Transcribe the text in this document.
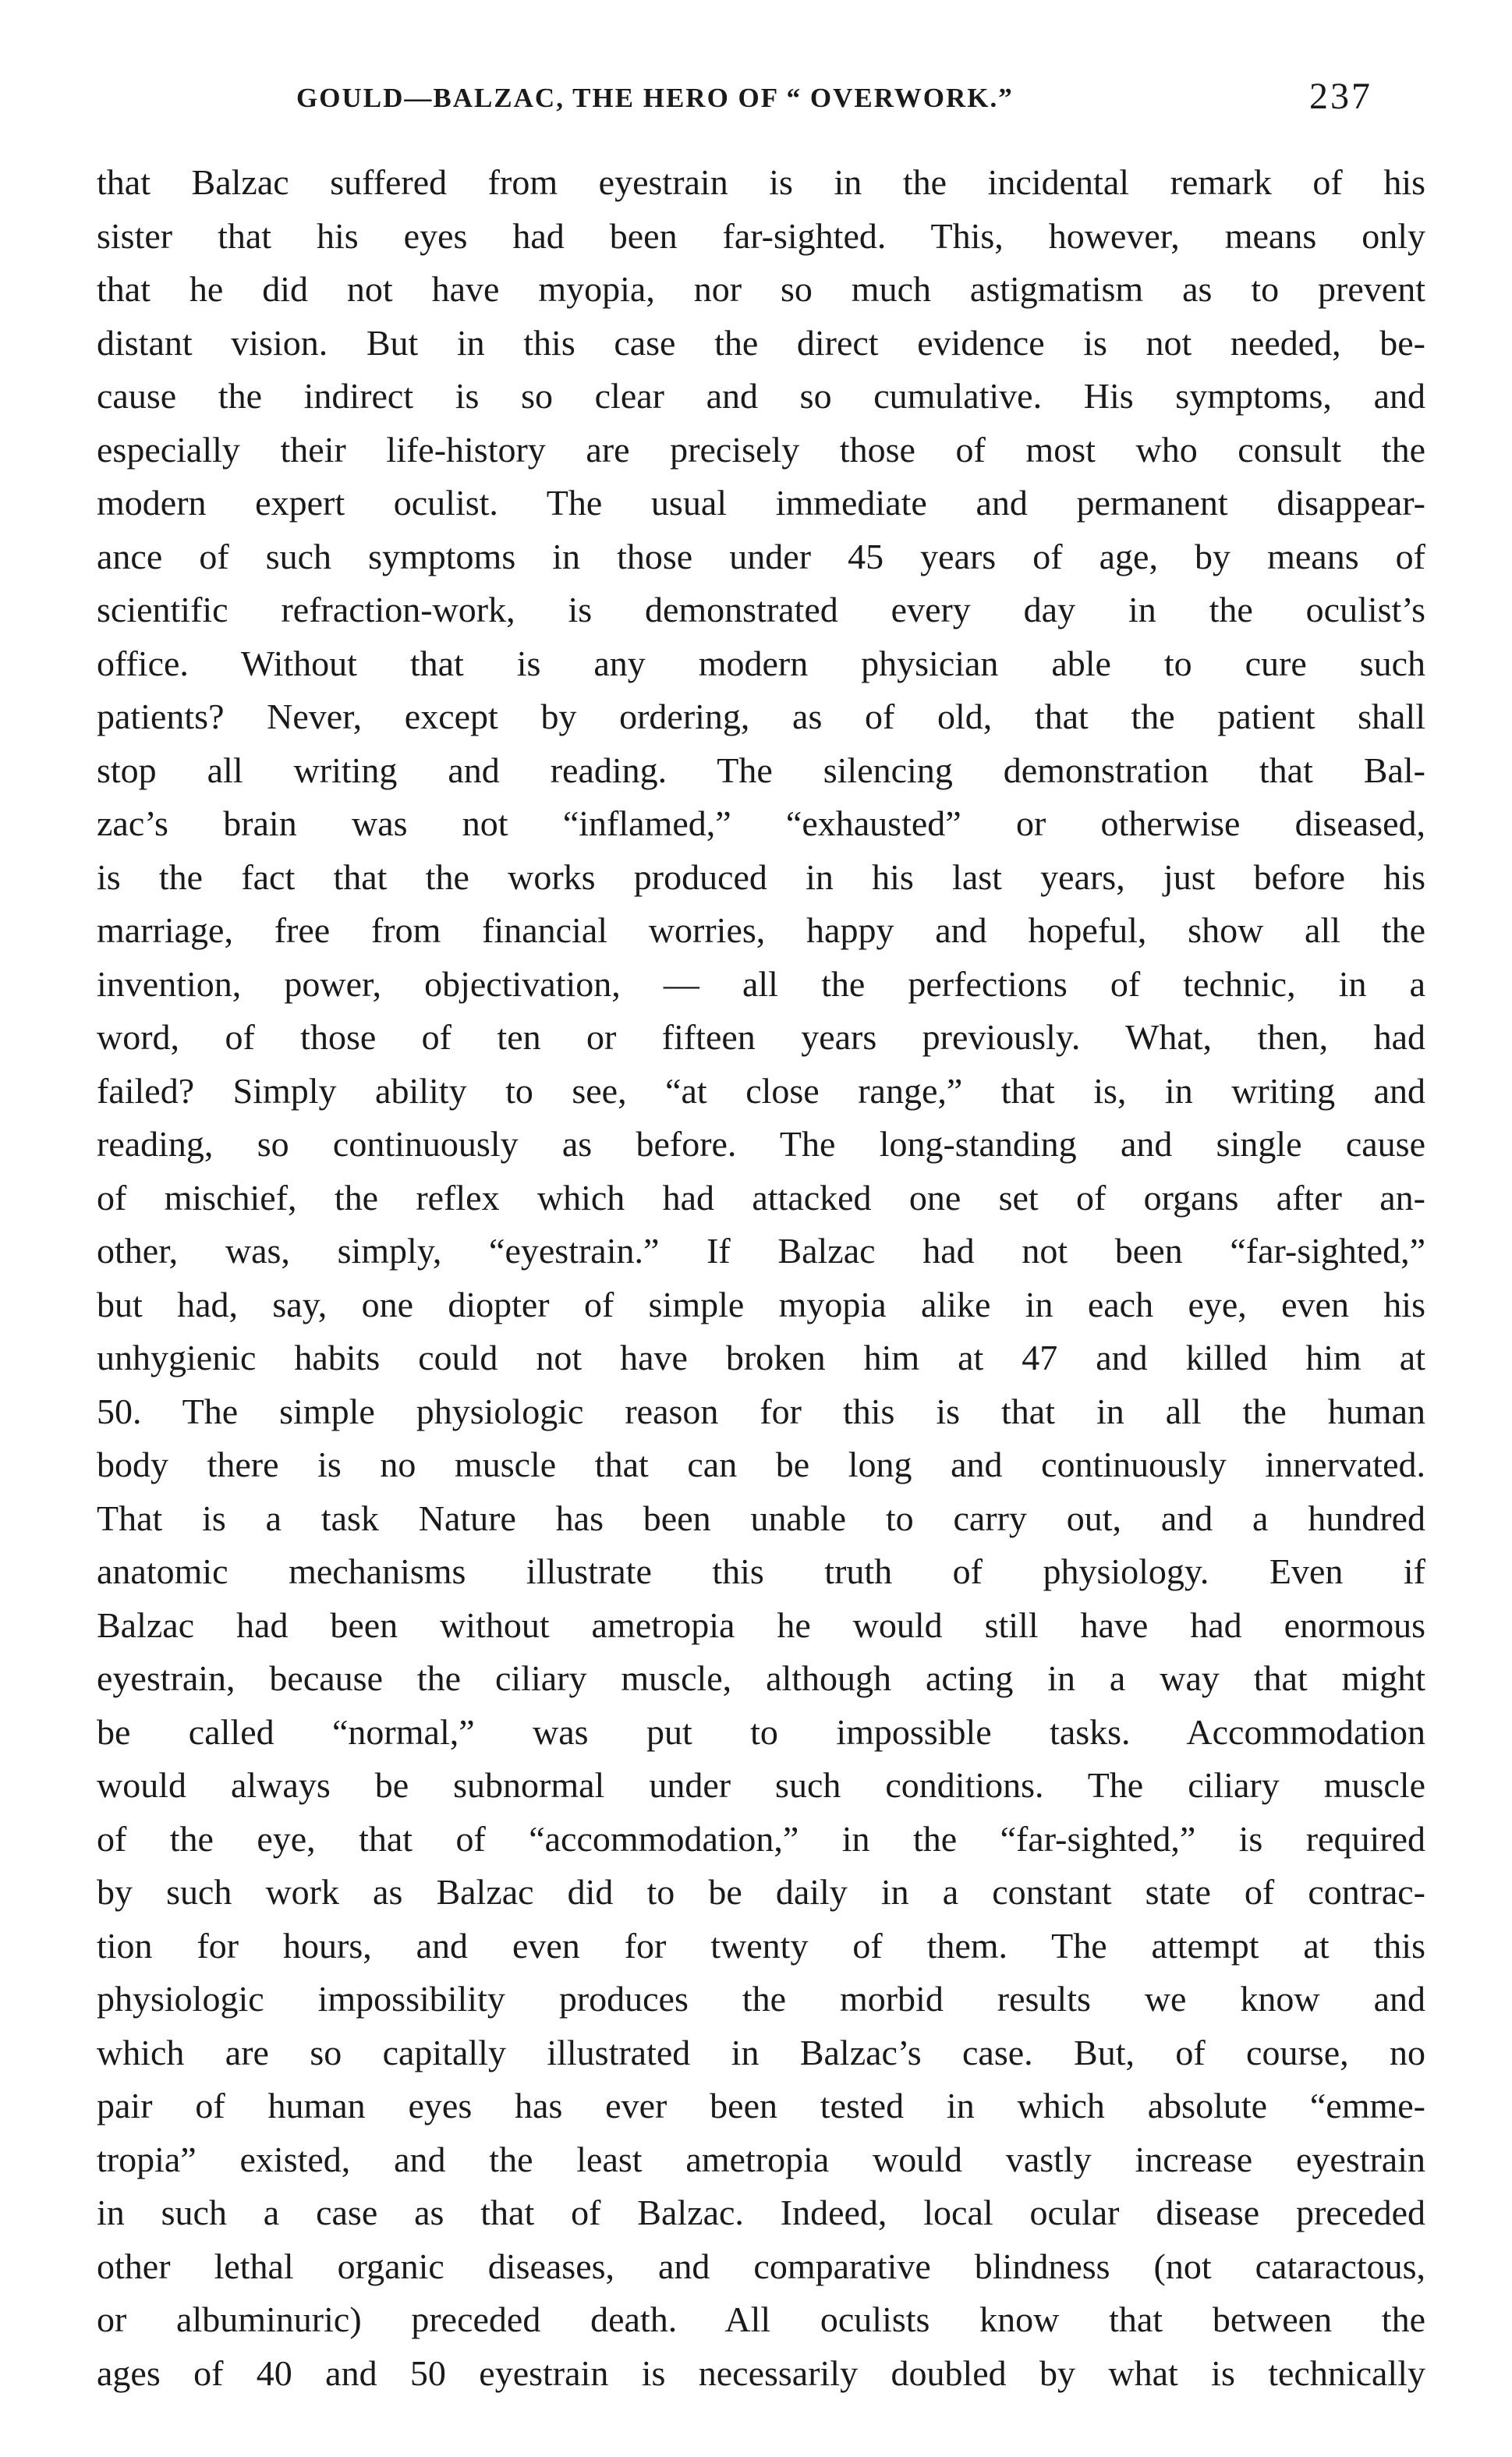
GOULD—BALZAC, THE HERO OF “ OVERWORK.”	237
that Balzac suffered from eyestrain is in the incidental remark of his
sister that his eyes had been far-sighted. This, however, means only
that he did not have myopia, nor so much astigmatism as to prevent
distant vision. But in this case the direct evidence is not needed, be-
cause the indirect is so clear and so cumulative. His symptoms, and
especially their life-history are precisely those of most who consult the
modern expert oculist. The usual immediate and permanent disappear-
ance of such symptoms in those under 45 years of age, by means of
scientific refraction-work, is demonstrated every day in the oculist’s
office. Without that is any modern physician able to cure such
patients? Never, except by ordering, as of old, that the patient shall
stop all writing and reading. The silencing demonstration that Bal-
zac’s brain was not “inflamed,” “exhausted” or otherwise diseased,
is the fact that the works produced in his last years, just before his
marriage, free from financial worries, happy and hopeful, show all the
invention, power, objectivation, — all the perfections of technic, in a
word, of those of ten or fifteen years previously. What, then, had
failed? Simply ability to see, “at close range,” that is, in writing and
reading, so continuously as before. The long-standing and single cause
of mischief, the reflex which had attacked one set of organs after an-
other, was, simply, “eyestrain.” If Balzac had not been “far-sighted,”
but had, say, one diopter of simple myopia alike in each eye, even his
unhygienic habits could not have broken him at 47 and killed him at
50. The simple physiologic reason for this is that in all the human
body there is no muscle that can be long and continuously innervated.
That is a task Nature has been unable to carry out, and a hundred
anatomic mechanisms illustrate this truth of physiology. Even if
Balzac had been without ametropia he would still have had enormous
eyestrain, because the ciliary muscle, although acting in a way that might
be called “normal,” was put to impossible tasks. Accommodation
would always be subnormal under such conditions. The ciliary muscle
of the eye, that of “accommodation,” in the “far-sighted,” is required
by such work as Balzac did to be daily in a constant state of contrac-
tion for hours, and even for twenty of them. The attempt at this
physiologic impossibility produces the morbid results we know and
which are so capitally illustrated in Balzac’s case. But, of course, no
pair of human eyes has ever been tested in which absolute “emme-
tropia” existed, and the least ametropia would vastly increase eyestrain
in such a case as that of Balzac. Indeed, local ocular disease preceded
other lethal organic diseases, and comparative blindness (not cataractous,
or albuminuric) preceded death. All oculists know that between the
ages of 40 and 50 eyestrain is necessarily doubled by what is technically
